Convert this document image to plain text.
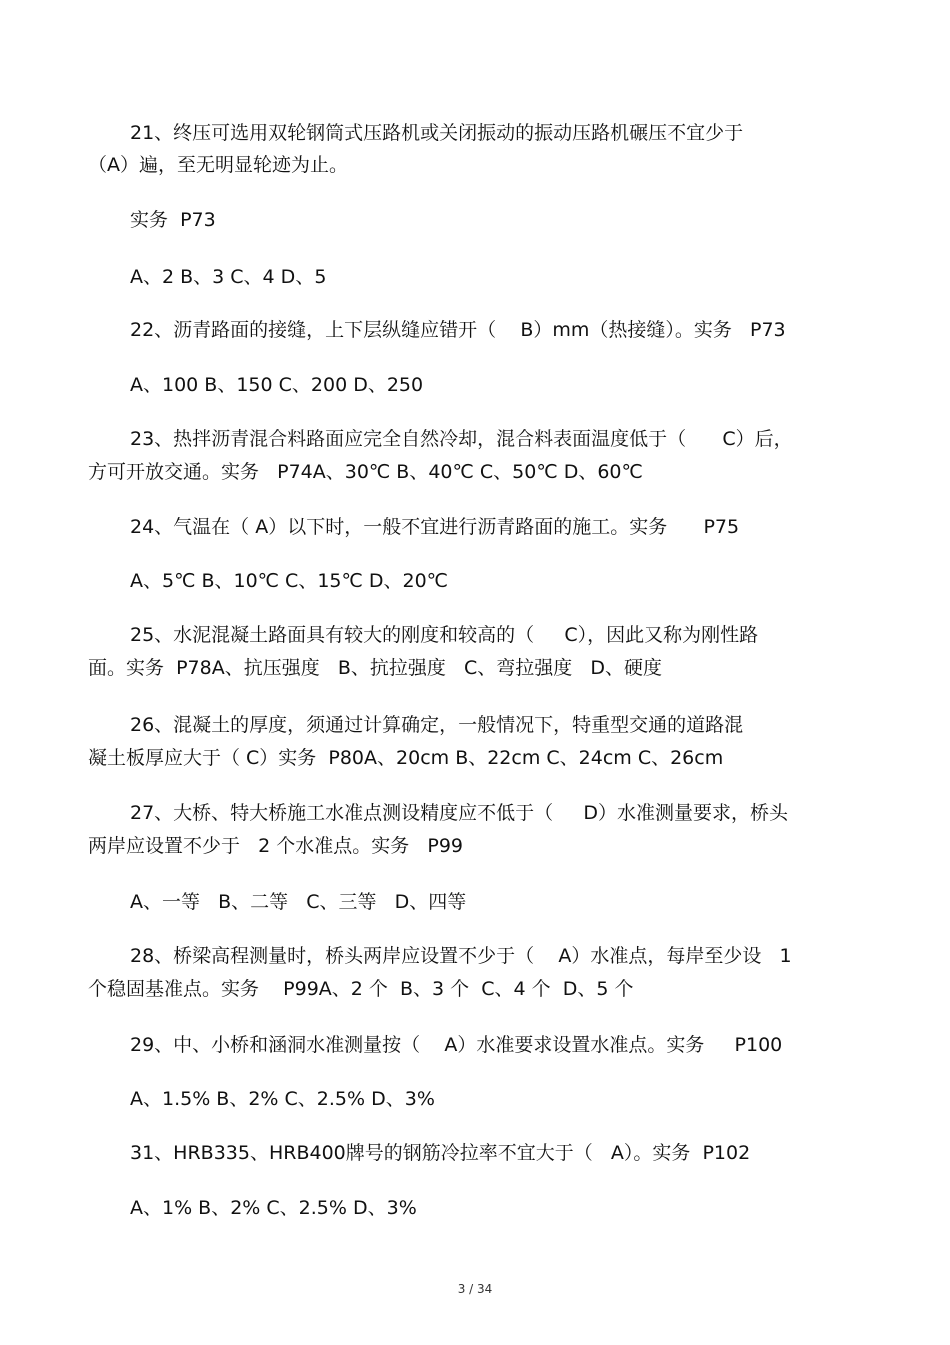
21、终压可选用双轮钢筒式压路机或关闭振动的振动压路机碾压不宜少于
（A）遍，至无明显轮迹为止。
实务  P73
A、2 B、3 C、4 D、5
22、沥青路面的接缝，上下层纵缝应错开（    B）mm（热接缝）。实务   P73
A、100 B、150 C、200 D、250
23、热拌沥青混合料路面应完全自然冷却，混合料表面温度低于（      C）后，
方可开放交通。实务   P74A、30℃ B、40℃ C、50℃ D、60℃
24、气温在（ A）以下时，一般不宜进行沥青路面的施工。实务      P75
A、5℃ B、10℃ C、15℃ D、20℃
25、水泥混凝土路面具有较大的刚度和较高的（     C），因此又称为刚性路
面。实务  P78A、抗压强度   B、抗拉强度   C、弯拉强度   D、硬度
26、混凝土的厚度，须通过计算确定，一般情况下，特重型交通的道路混
凝土板厚应大于（ C）实务  P80A、20cm B、22cm C、24cm C、26cm
27、大桥、特大桥施工水准点测设精度应不低于（     D）水准测量要求，桥头
两岸应设置不少于   2 个水准点。实务   P99
A、一等   B、二等   C、三等   D、四等
28、桥梁高程测量时，桥头两岸应设置不少于（    A）水准点，每岸至少设   1
个稳固基准点。实务    P99A、2 个  B、3 个  C、4 个  D、5 个
29、中、小桥和涵洞水准测量按（    A）水准要求设置水准点。实务     P100
A、1.5% B、2% C、2.5% D、3%
31、HRB335、HRB400牌号的钢筋冷拉率不宜大于（   A）。实务  P102
A、1% B、2% C、2.5% D、3%
3 / 34
